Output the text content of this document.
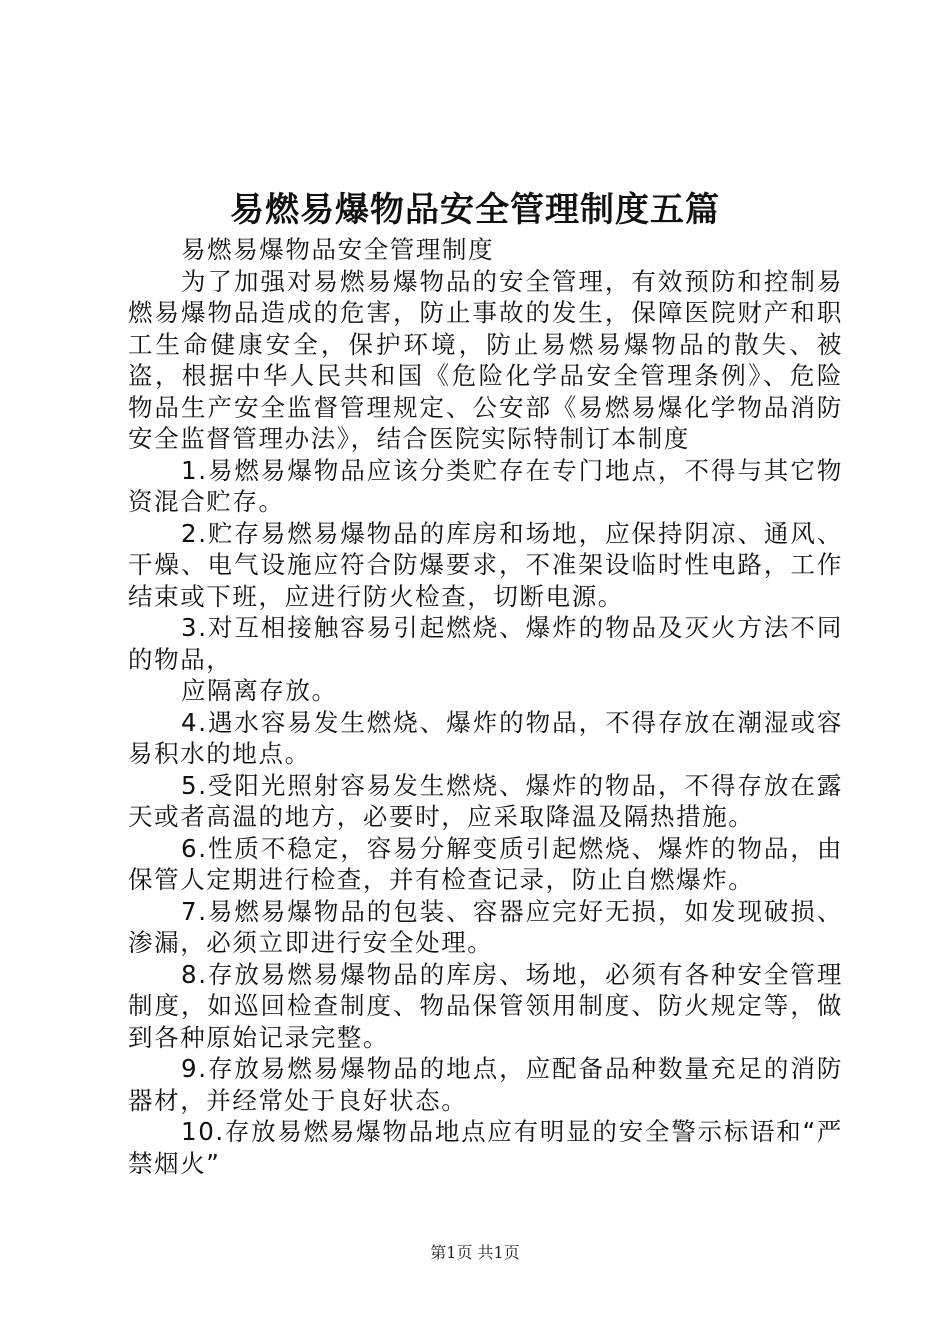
易燃易爆物品安全管理制度五篇

易燃易爆物品安全管理制度

为了加强对易燃易爆物品的安全管理，有效预防和控制易燃易爆物品造成的危害，防止事故的发生，保障医院财产和职工生命健康安全，保护环境，防止易燃易爆物品的散失、被盗，根据中华人民共和国《危险化学品安全管理条例》、危险物品生产安全监督管理规定、公安部《易燃易爆化学物品消防安全监督管理办法》，结合医院实际特制订本制度

1.易燃易爆物品应该分类贮存在专门地点，不得与其它物资混合贮存。

2.贮存易燃易爆物品的库房和场地，应保持阴凉、通风、干燥、电气设施应符合防爆要求，不准架设临时性电路，工作结束或下班，应进行防火检查，切断电源。

3.对互相接触容易引起燃烧、爆炸的物品及灭火方法不同的物品，

应隔离存放。

4.遇水容易发生燃烧、爆炸的物品，不得存放在潮湿或容易积水的地点。

5.受阳光照射容易发生燃烧、爆炸的物品，不得存放在露天或者高温的地方，必要时，应采取降温及隔热措施。

6.性质不稳定，容易分解变质引起燃烧、爆炸的物品，由保管人定期进行检查，并有检查记录，防止自燃爆炸。

7.易燃易爆物品的包装、容器应完好无损，如发现破损、渗漏，必须立即进行安全处理。

8.存放易燃易爆物品的库房、场地，必须有各种安全管理制度，如巡回检查制度、物品保管领用制度、防火规定等，做到各种原始记录完整。

9.存放易燃易爆物品的地点，应配备品种数量充足的消防器材，并经常处于良好状态。

10.存放易燃易爆物品地点应有明显的安全警示标语和“严禁烟火”

第1页 共1页
